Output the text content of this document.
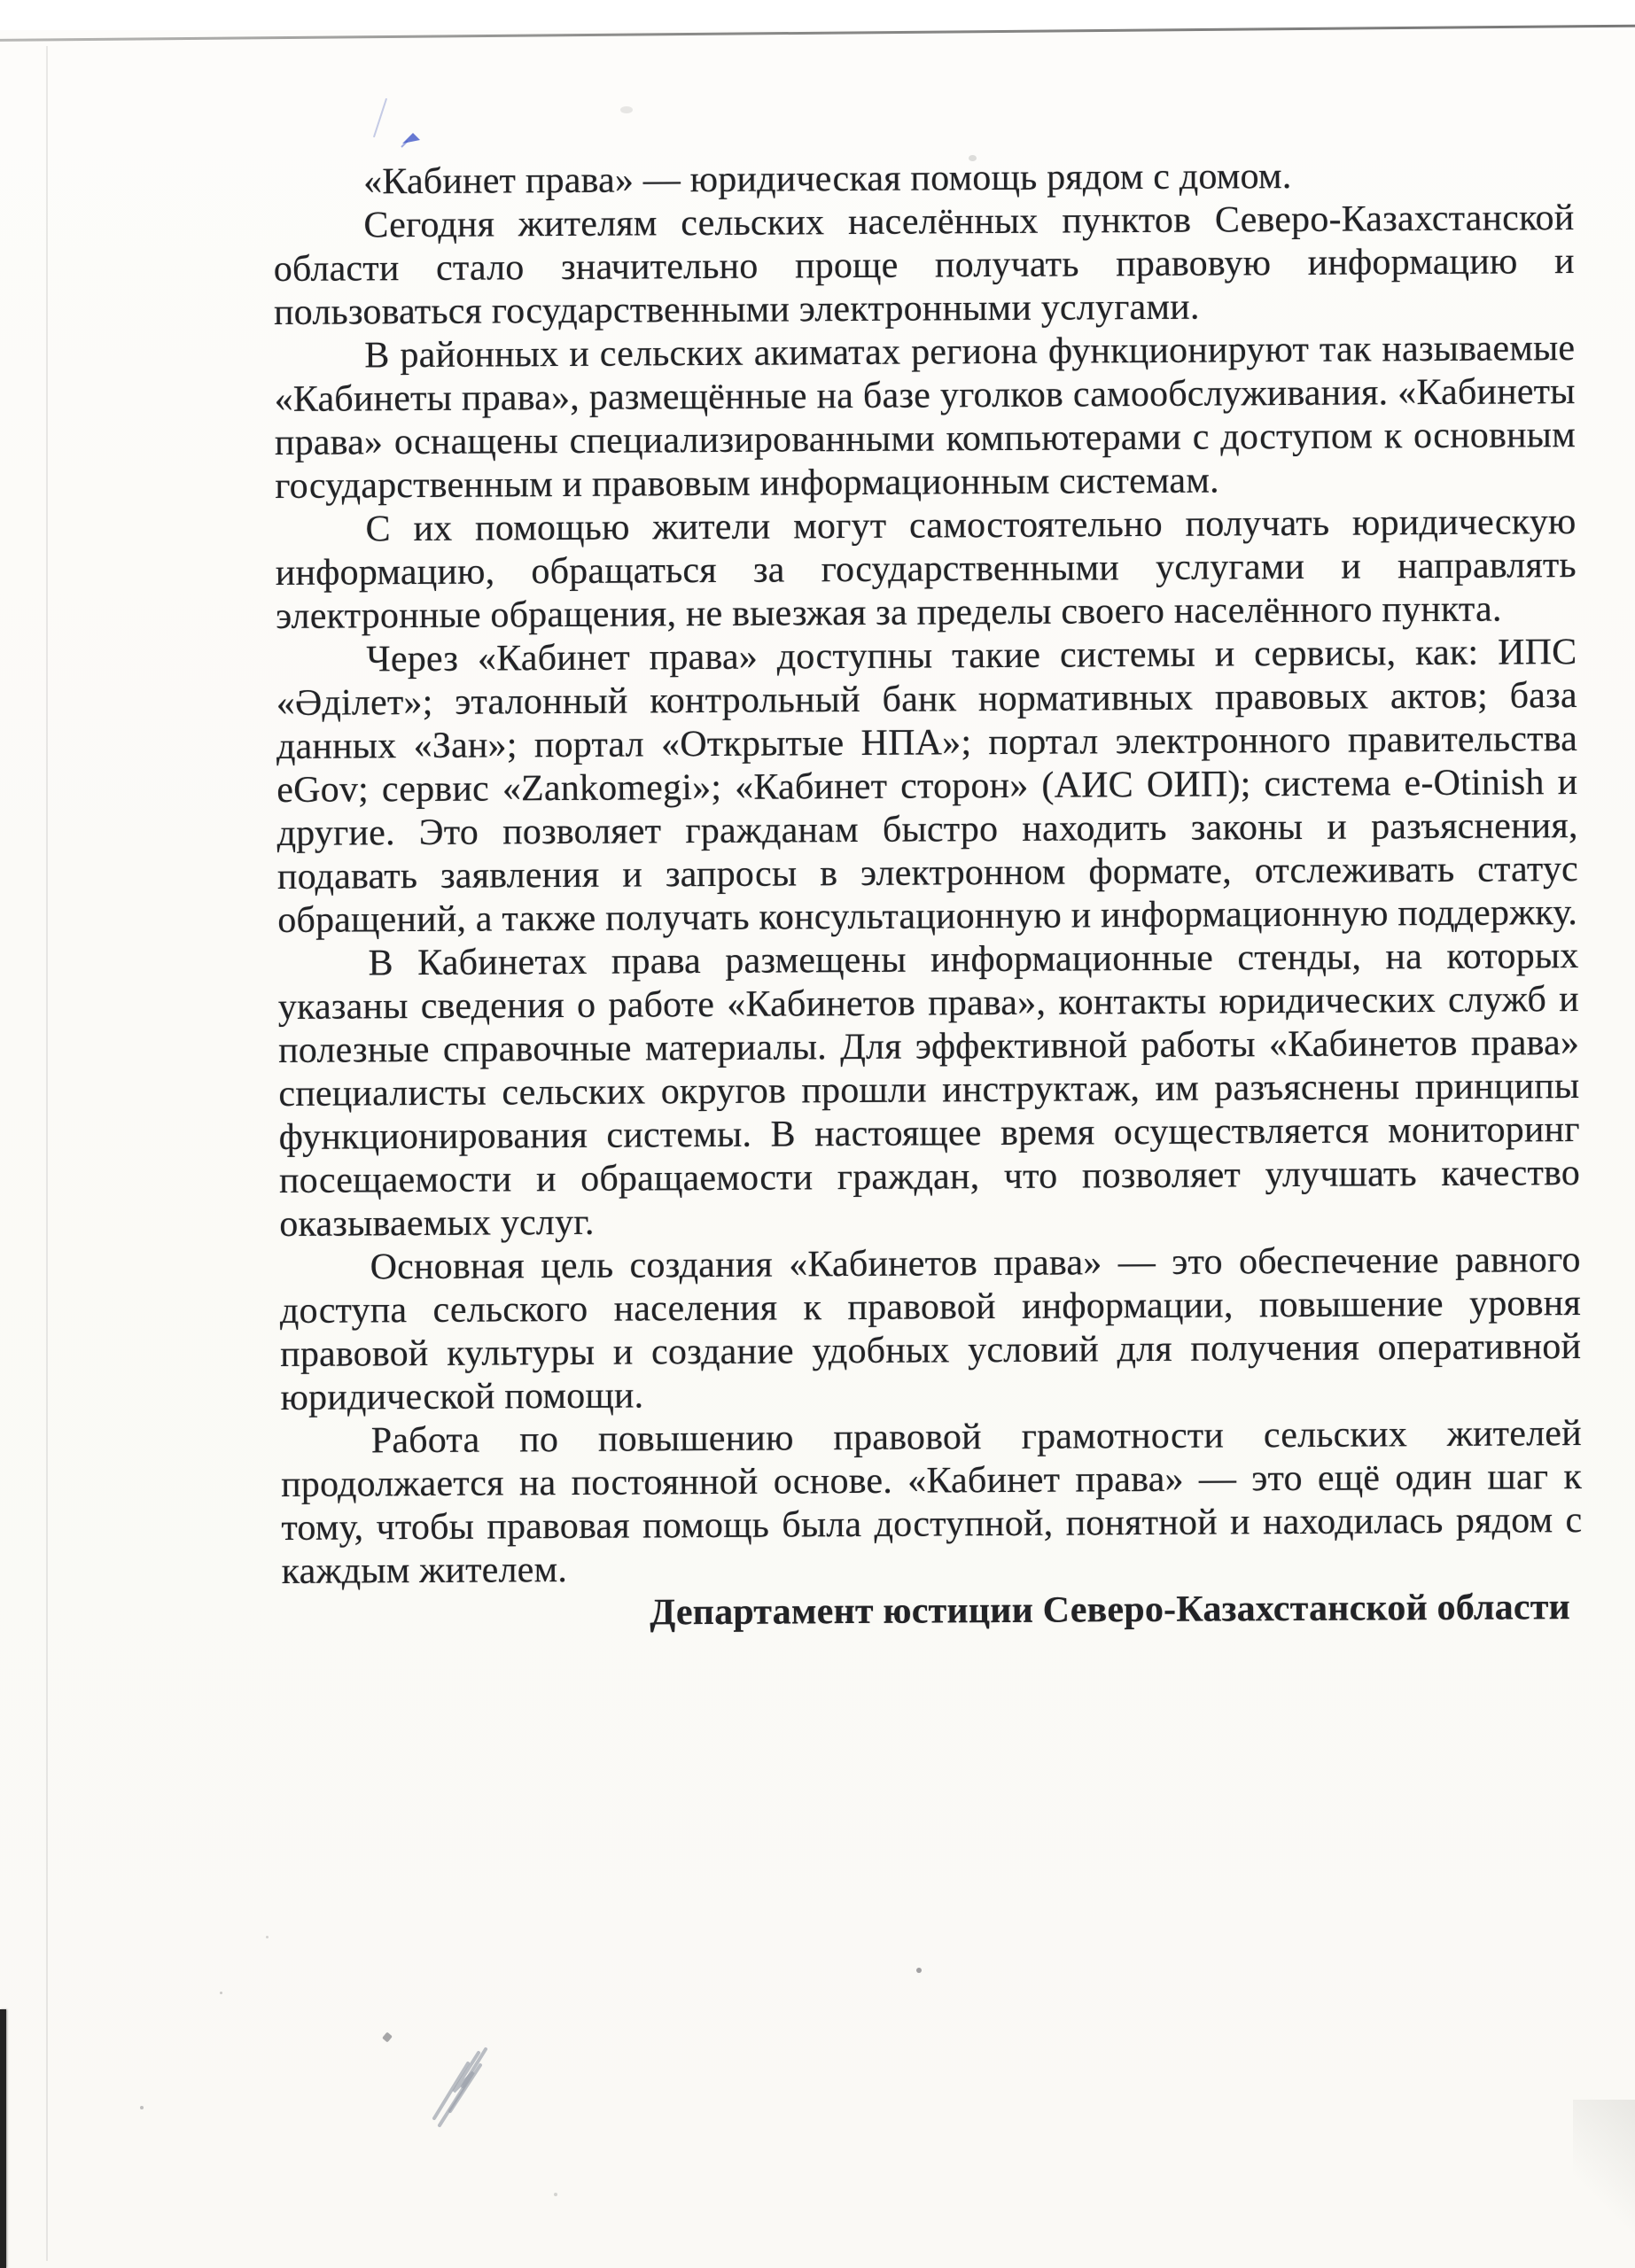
«Кабинет права» — юридическая помощь рядом с домом.

Сегодня жителям сельских населённых пунктов Северо-Казахстанской области стало значительно проще получать правовую информацию и пользоваться государственными электронными услугами.

В районных и сельских акиматах региона функционируют так называемые «Кабинеты права», размещённые на базе уголков самообслуживания. «Кабинеты права» оснащены специализированными компьютерами с доступом к основным государственным и правовым информационным системам.

С их помощью жители могут самостоятельно получать юридическую информацию, обращаться за государственными услугами и направлять электронные обращения, не выезжая за пределы своего населённого пункта.

Через «Кабинет права» доступны такие системы и сервисы, как: ИПС «Әділет»; эталонный контрольный банк нормативных правовых актов; база данных «Зан»; портал «Открытые НПА»; портал электронного правительства eGov; сервис «Zankomegi»; «Кабинет сторон» (АИС ОИП); система e-Otinish и другие. Это позволяет гражданам быстро находить законы и разъяснения, подавать заявления и запросы в электронном формате, отслеживать статус обращений, а также получать консультационную и информационную поддержку.

В Кабинетах права размещены информационные стенды, на которых указаны сведения о работе «Кабинетов права», контакты юридических служб и полезные справочные материалы. Для эффективной работы «Кабинетов права» специалисты сельских округов прошли инструктаж, им разъяснены принципы функционирования системы. В настоящее время осуществляется мониторинг посещаемости и обращаемости граждан, что позволяет улучшать качество оказываемых услуг.

Основная цель создания «Кабинетов права» — это обеспечение равного доступа сельского населения к правовой информации, повышение уровня правовой культуры и создание удобных условий для получения оперативной юридической помощи.

Работа по повышению правовой грамотности сельских жителей продолжается на постоянной основе. «Кабинет права» — это ещё один шаг к тому, чтобы правовая помощь была доступной, понятной и находилась рядом с каждым жителем.

Департамент юстиции Северо-Казахстанской области
